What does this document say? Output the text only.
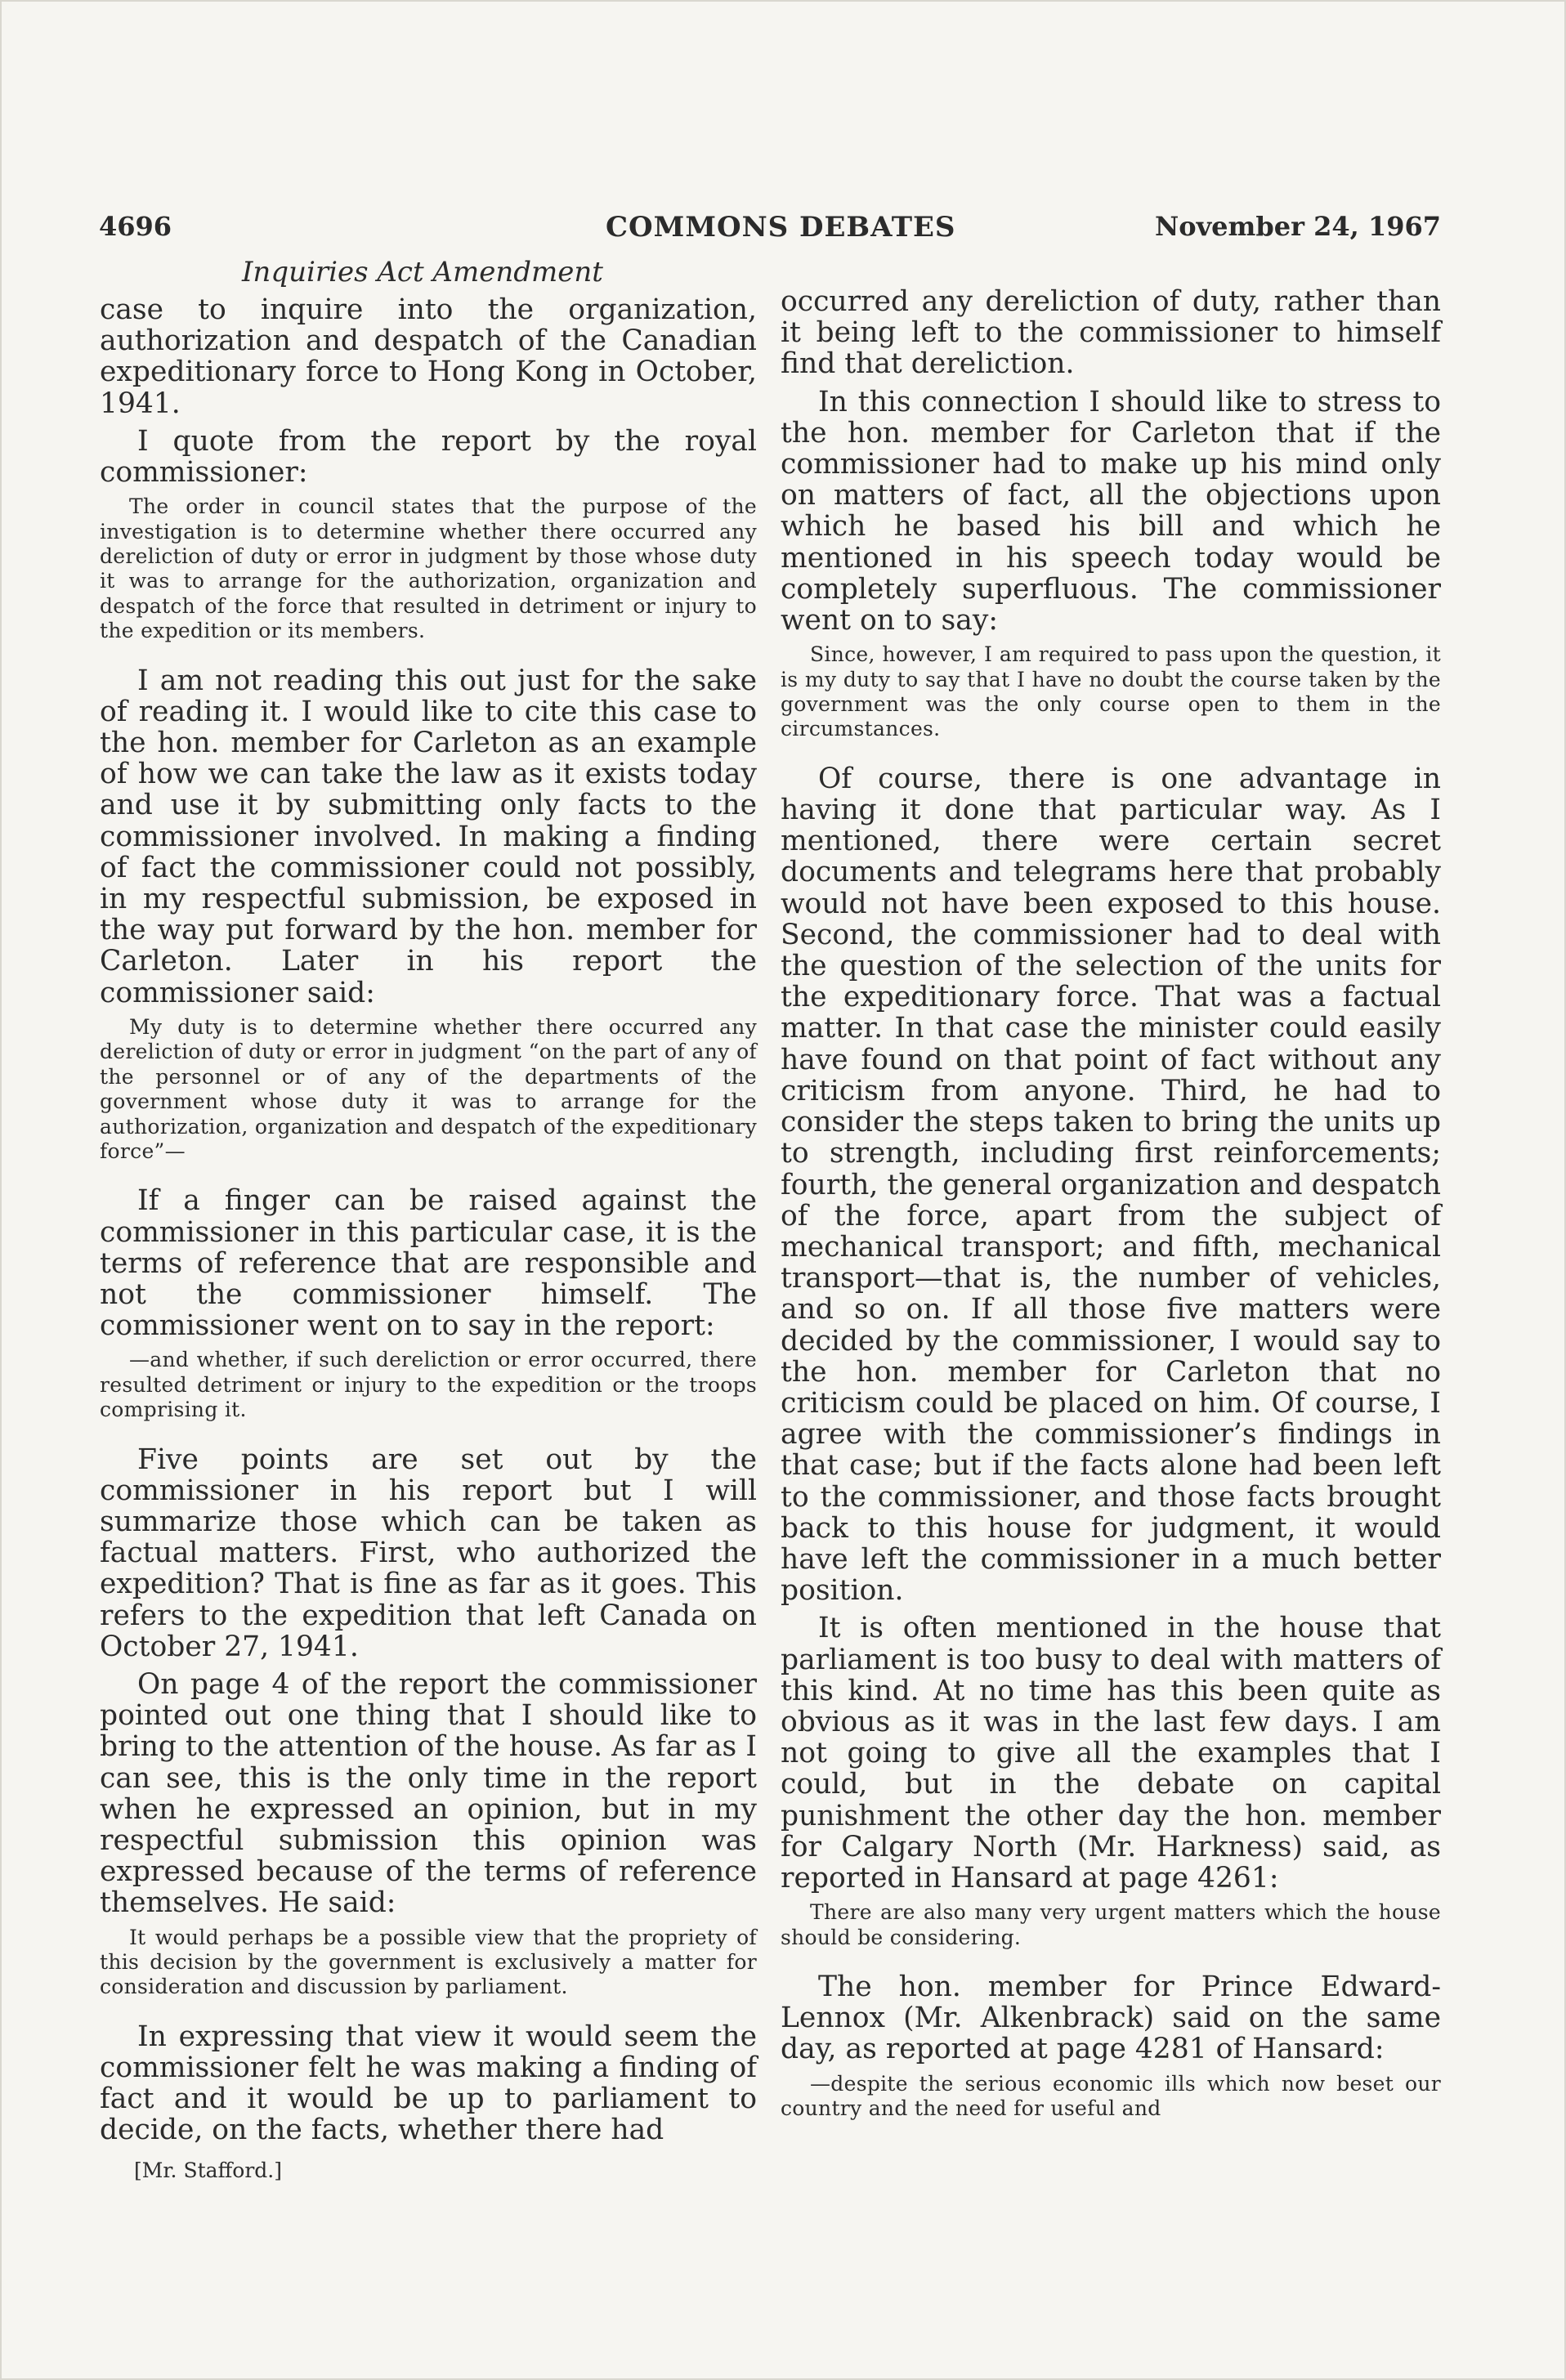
4696	COMMONS DEBATES	November 24, 1967
Inquiries Act Amendment

case to inquire into the organization, authorization and despatch of the Canadian expeditionary force to Hong Kong in October, 1941.

I quote from the report by the royal commissioner:

The order in council states that the purpose of the investigation is to determine whether there occurred any dereliction of duty or error in judgment by those whose duty it was to arrange for the authorization, organization and despatch of the force that resulted in detriment or injury to the expedition or its members.

I am not reading this out just for the sake of reading it. I would like to cite this case to the hon. member for Carleton as an example of how we can take the law as it exists today and use it by submitting only facts to the commissioner involved. In making a finding of fact the commissioner could not possibly, in my respectful submission, be exposed in the way put forward by the hon. member for Carleton. Later in his report the commissioner said:

My duty is to determine whether there occurred any dereliction of duty or error in judgment “on the part of any of the personnel or of any of the departments of the government whose duty it was to arrange for the authorization, organization and despatch of the expeditionary force”—

If a finger can be raised against the commissioner in this particular case, it is the terms of reference that are responsible and not the commissioner himself. The commissioner went on to say in the report:

—and whether, if such dereliction or error occurred, there resulted detriment or injury to the expedition or the troops comprising it.

Five points are set out by the commissioner in his report but I will summarize those which can be taken as factual matters. First, who authorized the expedition? That is fine as far as it goes. This refers to the expedition that left Canada on October 27, 1941.

On page 4 of the report the commissioner pointed out one thing that I should like to bring to the attention of the house. As far as I can see, this is the only time in the report when he expressed an opinion, but in my respectful submission this opinion was expressed because of the terms of reference themselves. He said:

It would perhaps be a possible view that the propriety of this decision by the government is exclusively a matter for consideration and discussion by parliament.

In expressing that view it would seem the commissioner felt he was making a finding of fact and it would be up to parliament to decide, on the facts, whether there had

occurred any dereliction of duty, rather than it being left to the commissioner to himself find that dereliction.

In this connection I should like to stress to the hon. member for Carleton that if the commissioner had to make up his mind only on matters of fact, all the objections upon which he based his bill and which he mentioned in his speech today would be completely superfluous. The commissioner went on to say:

Since, however, I am required to pass upon the question, it is my duty to say that I have no doubt the course taken by the government was the only course open to them in the circumstances.

Of course, there is one advantage in having it done that particular way. As I mentioned, there were certain secret documents and telegrams here that probably would not have been exposed to this house. Second, the commissioner had to deal with the question of the selection of the units for the expeditionary force. That was a factual matter. In that case the minister could easily have found on that point of fact without any criticism from anyone. Third, he had to consider the steps taken to bring the units up to strength, including first reinforcements; fourth, the general organization and despatch of the force, apart from the subject of mechanical transport; and fifth, mechanical transport—that is, the number of vehicles, and so on. If all those five matters were decided by the commissioner, I would say to the hon. member for Carleton that no criticism could be placed on him. Of course, I agree with the commissioner’s findings in that case; but if the facts alone had been left to the commissioner, and those facts brought back to this house for judgment, it would have left the commissioner in a much better position.

It is often mentioned in the house that parliament is too busy to deal with matters of this kind. At no time has this been quite as obvious as it was in the last few days. I am not going to give all the examples that I could, but in the debate on capital punishment the other day the hon. member for Calgary North (Mr. Harkness) said, as reported in Hansard at page 4261:

There are also many very urgent matters which the house should be considering.

The hon. member for Prince Edward-Lennox (Mr. Alkenbrack) said on the same day, as reported at page 4281 of Hansard:

—despite the serious economic ills which now beset our country and the need for useful and

[Mr. Stafford.]
